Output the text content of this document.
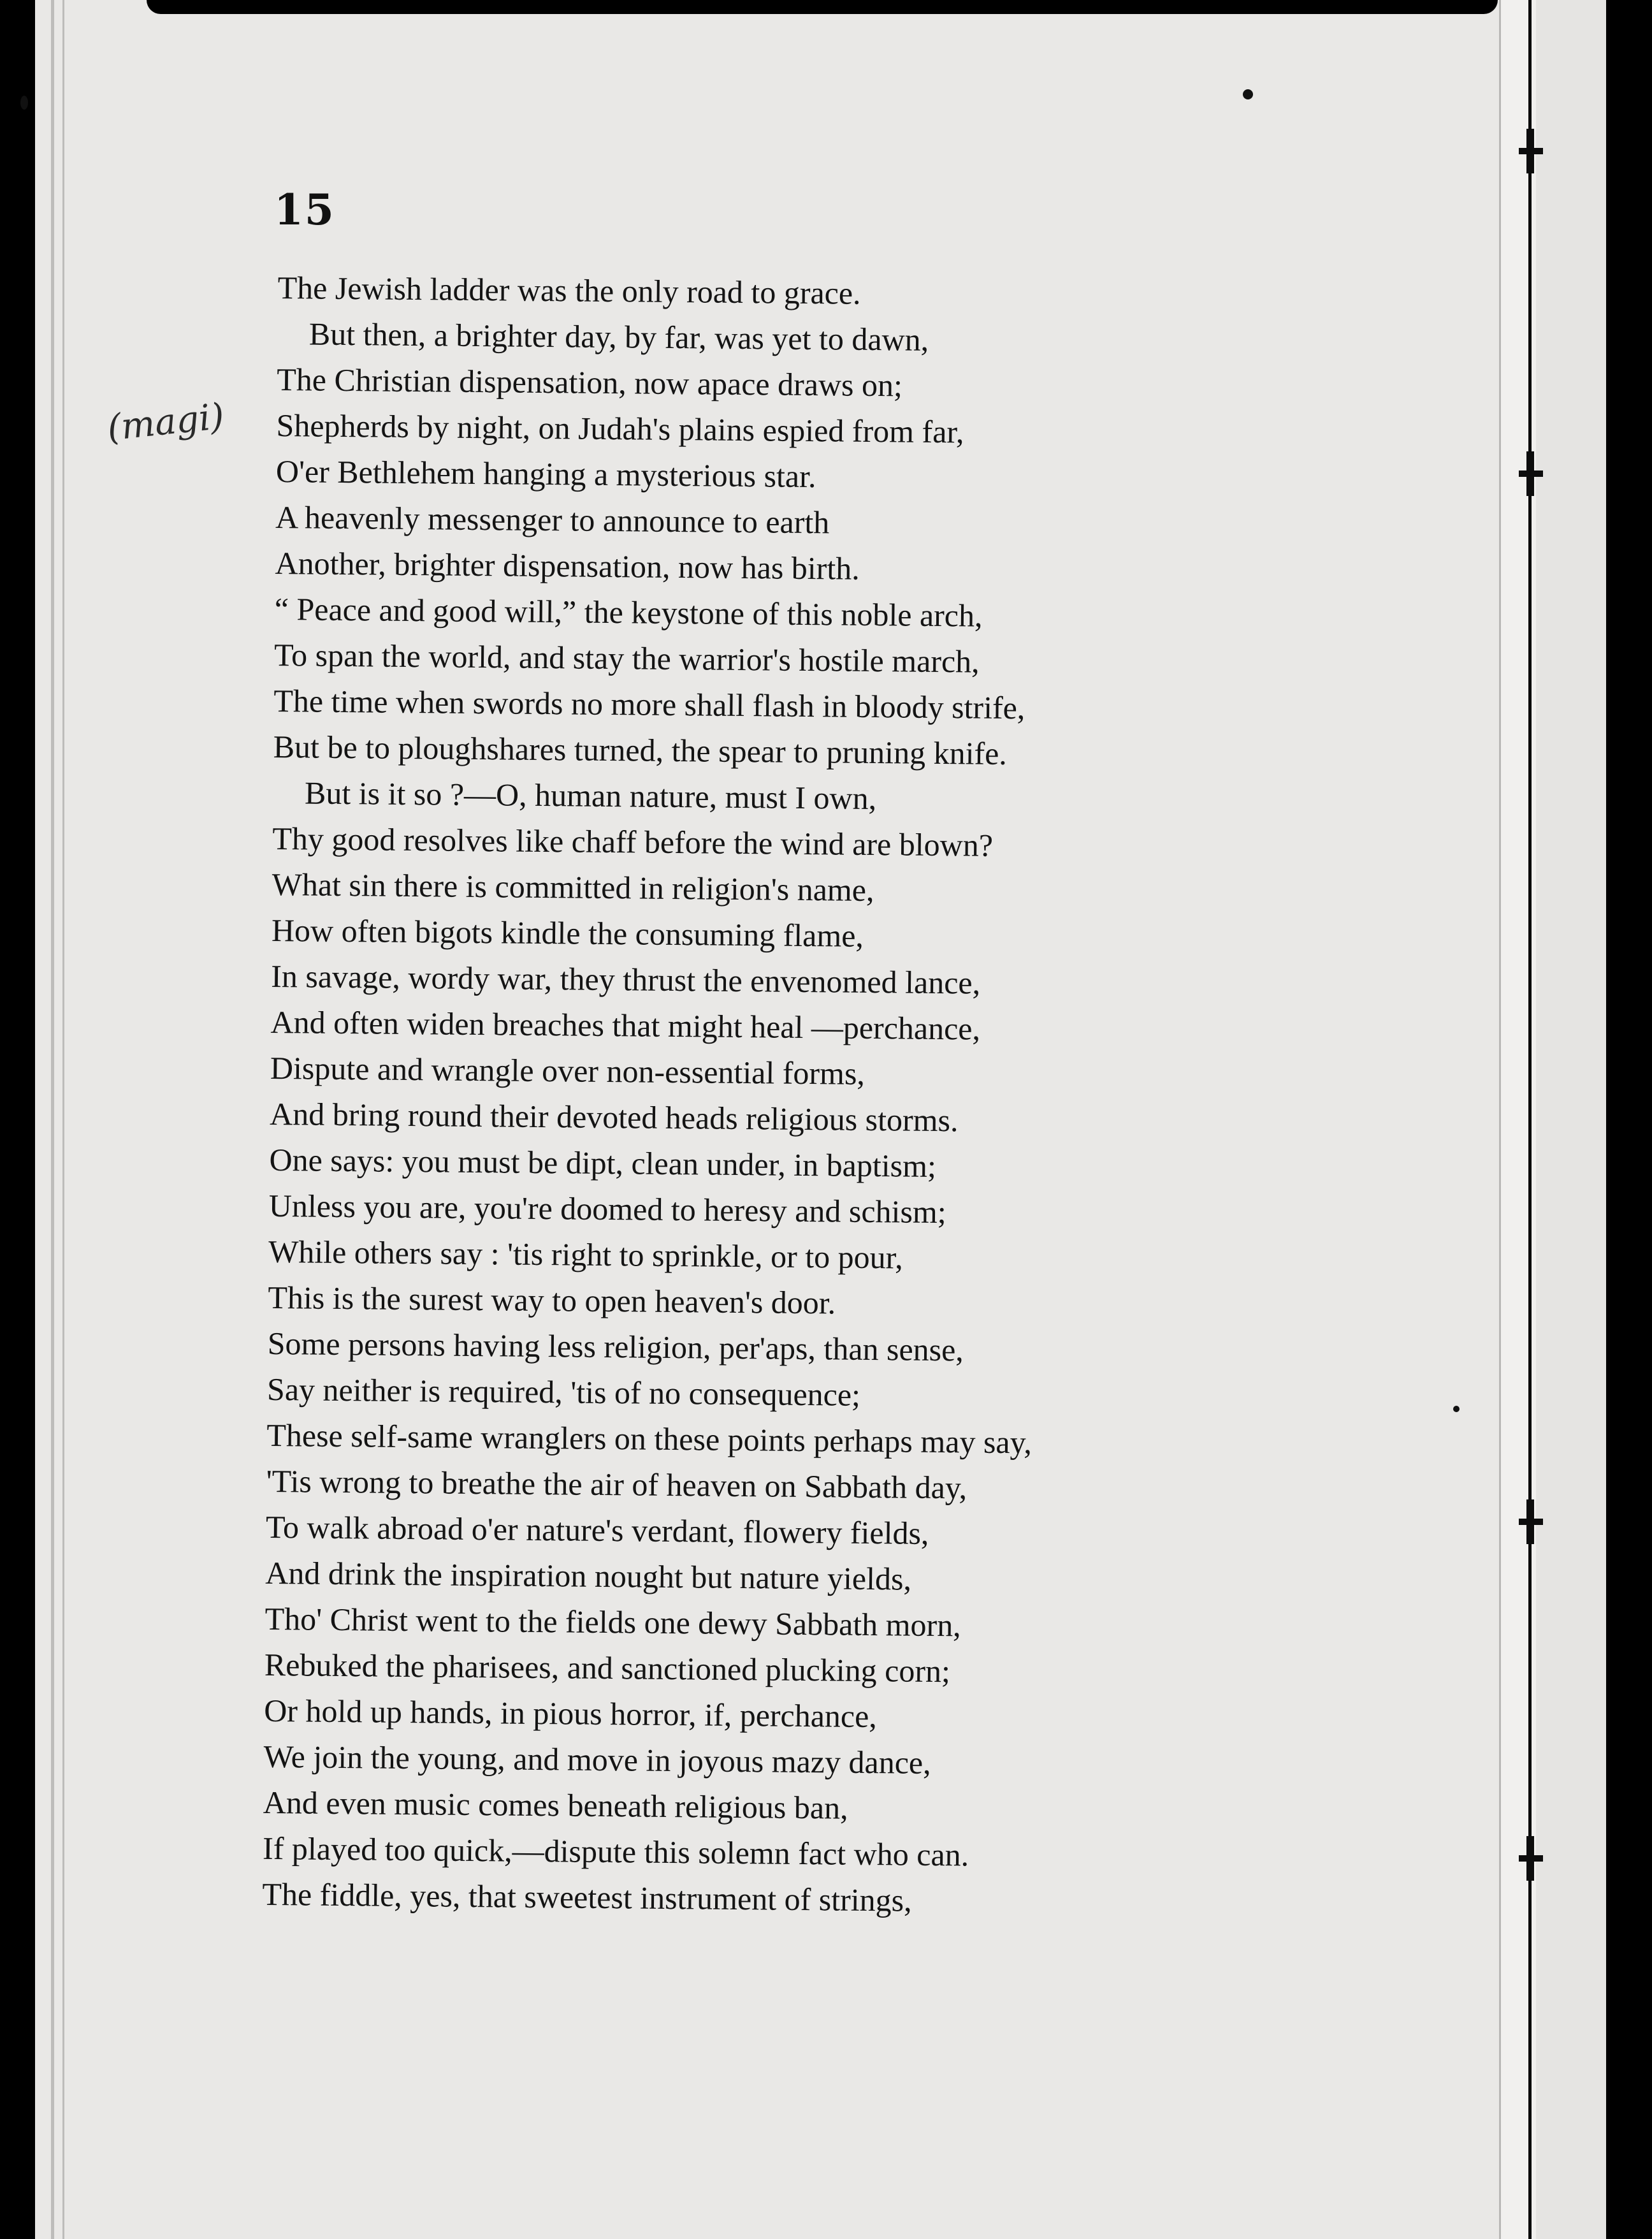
15
(magi)
The Jewish ladder was the only road to grace.
But then, a brighter day, by far, was yet to dawn,
The Christian dispensation, now apace draws on;
Shepherds by night, on Judah's plains espied from far,
O'er Bethlehem hanging a mysterious star.
A heavenly messenger to announce to earth
Another, brighter dispensation, now has birth.
“ Peace and good will,” the keystone of this noble arch,
To span the world, and stay the warrior's hostile march,
The time when swords no more shall flash in bloody strife,
But be to ploughshares turned, the spear to pruning knife.
But is it so ?—O, human nature, must I own,
Thy good resolves like chaff before the wind are blown?
What sin there is committed in religion's name,
How often bigots kindle the consuming flame,
In savage, wordy war, they thrust the envenomed lance,
And often widen breaches that might heal —perchance,
Dispute and wrangle over non-essential forms,
And bring round their devoted heads religious storms.
One says: you must be dipt, clean under, in baptism;
Unless you are, you're doomed to heresy and schism;
While others say : 'tis right to sprinkle, or to pour,
This is the surest way to open heaven's door.
Some persons having less religion, per'aps, than sense,
Say neither is required, 'tis of no consequence;
These self-same wranglers on these points perhaps may say,
'Tis wrong to breathe the air of heaven on Sabbath day,
To walk abroad o'er nature's verdant, flowery fields,
And drink the inspiration nought but nature yields,
Tho' Christ went to the fields one dewy Sabbath morn,
Rebuked the pharisees, and sanctioned plucking corn;
Or hold up hands, in pious horror, if, perchance,
We join the young, and move in joyous mazy dance,
And even music comes beneath religious ban,
If played too quick,—dispute this solemn fact who can.
The fiddle, yes, that sweetest instrument of strings,
